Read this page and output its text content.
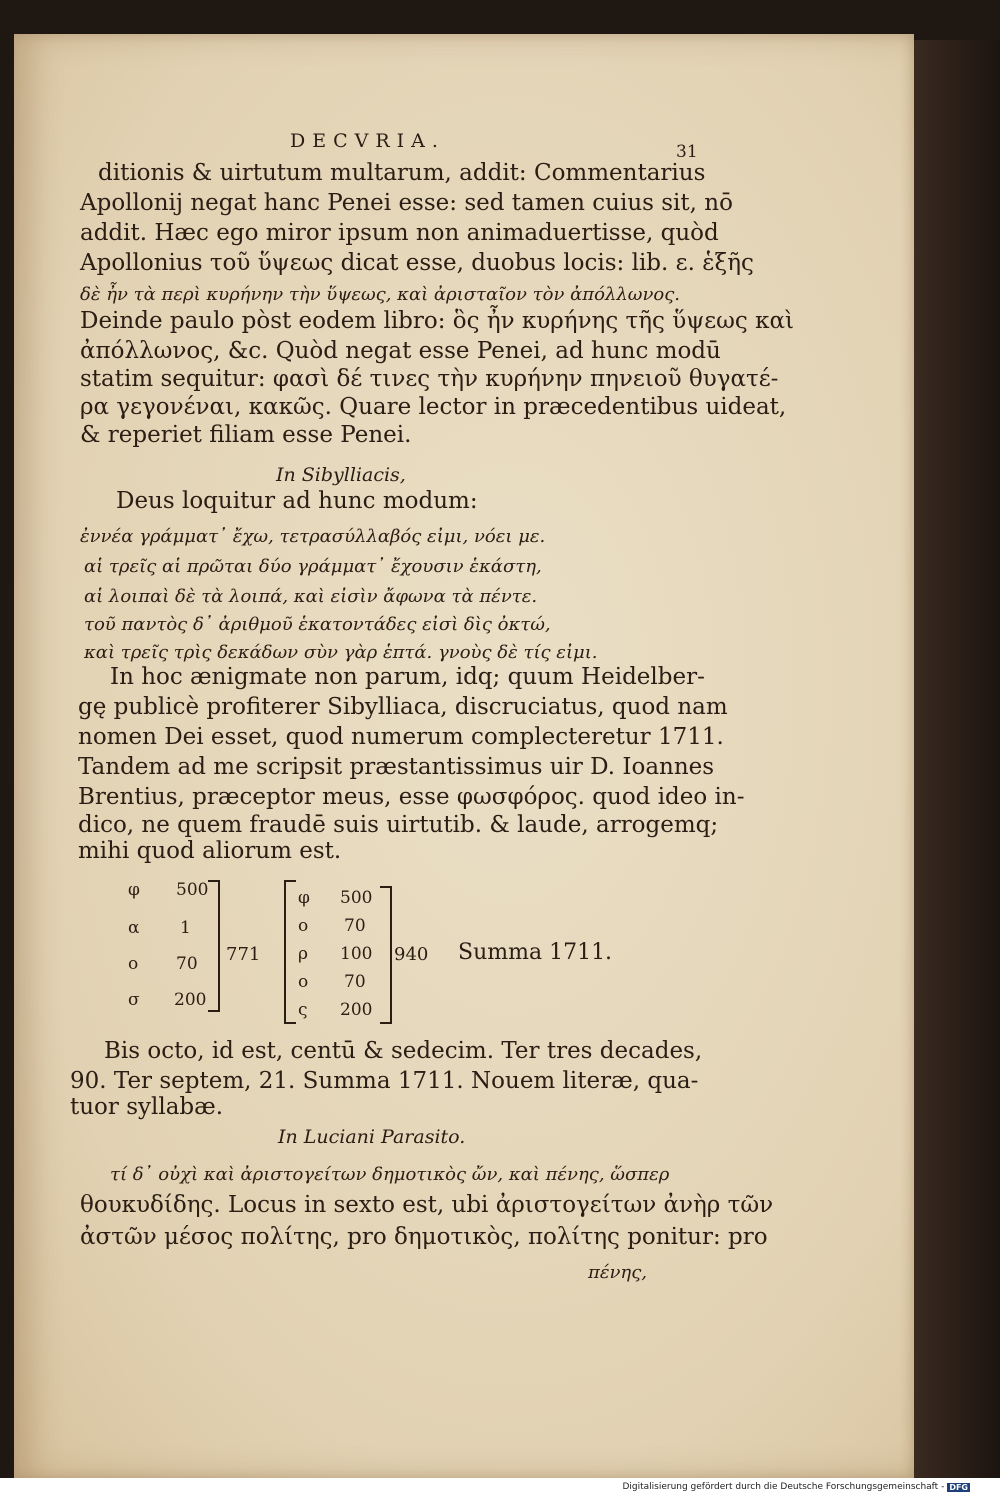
DECVRIA.	31
ditionis & uirtutum multarum, addit: Commentarius
Apollonij negat hanc Penei esse: sed tamen cuius sit, nō
addit. Hæc ego miror ipsum non animaduertisse, quòd
Apollonius τοῦ ὕψεως dicat esse, duobus locis: lib. ε. ἑξῆς
δὲ ἦν τὰ περὶ κυρήνην τὴν ὕψεως, καὶ ἀρισταῖον τὸν ἀπόλλωνος.
Deinde paulo pòst eodem libro: ὃς ἦν κυρήνης τῆς ὕψεως καὶ
ἀπόλλωνος, &c. Quòd negat esse Penei, ad hunc modū
statim sequitur: φασὶ δέ τινες τὴν κυρήνην πηνειοῦ θυγατέ-
ρα γεγονέναι, κακῶς. Quare lector in præcedentibus uideat,
& reperiet filiam esse Penei.
In Sibylliacis,
Deus loquitur ad hunc modum:
ἐννέα γράμματ᾽ ἔχω, τετρασύλλαβός εἰμι, νόει με.
αἱ τρεῖς αἱ πρῶται δύο γράμματ᾽ ἔχουσιν ἑκάστη,
αἱ λοιπαὶ δὲ τὰ λοιπά, καὶ εἰσὶν ἄφωνα τὰ πέντε.
τοῦ παντὸς δ᾽ ἀριθμοῦ ἑκατοντάδες εἰσὶ δὶς ὀκτώ,
καὶ τρεῖς τρὶς δεκάδων σὺν γὰρ ἑπτά. γνοὺς δὲ τίς εἰμι.
In hoc ænigmate non parum, idq; quum Heidelber-
gę publicè profiterer Sibylliaca, discruciatus, quod nam
nomen Dei esset, quod numerum complecteretur 1711.
Tandem ad me scripsit præstantissimus uir D. Ioannes
Brentius, præceptor meus, esse φωσφόρος. quod ideo in-
dico, ne quem fraudē suis uirtutib. & laude, arrogemq;
mihi quod aliorum est.
φ 500
α 1
ο 70
σ 200
771
φ 500
ο 70
ρ 100
ο 70
ς 200
940 Summa 1711.
Bis octo, id est, centū & sedecim. Ter tres decades,
90. Ter septem, 21. Summa 1711. Nouem literæ, qua-
tuor syllabæ.
In Luciani Parasito.
τί δ᾽ οὐχὶ καὶ ἀριστογείτων δημοτικὸς ὤν, καὶ πένης, ὥσπερ
θουκυδίδης. Locus in sexto est, ubi ἀριστογείτων ἀνὴρ τῶν
ἀστῶν μέσος πολίτης, pro δημοτικὸς, πολίτης ponitur: pro
πένης,
Digitalisierung gefördert durch die Deutsche Forschungsgemeinschaft - DFG
